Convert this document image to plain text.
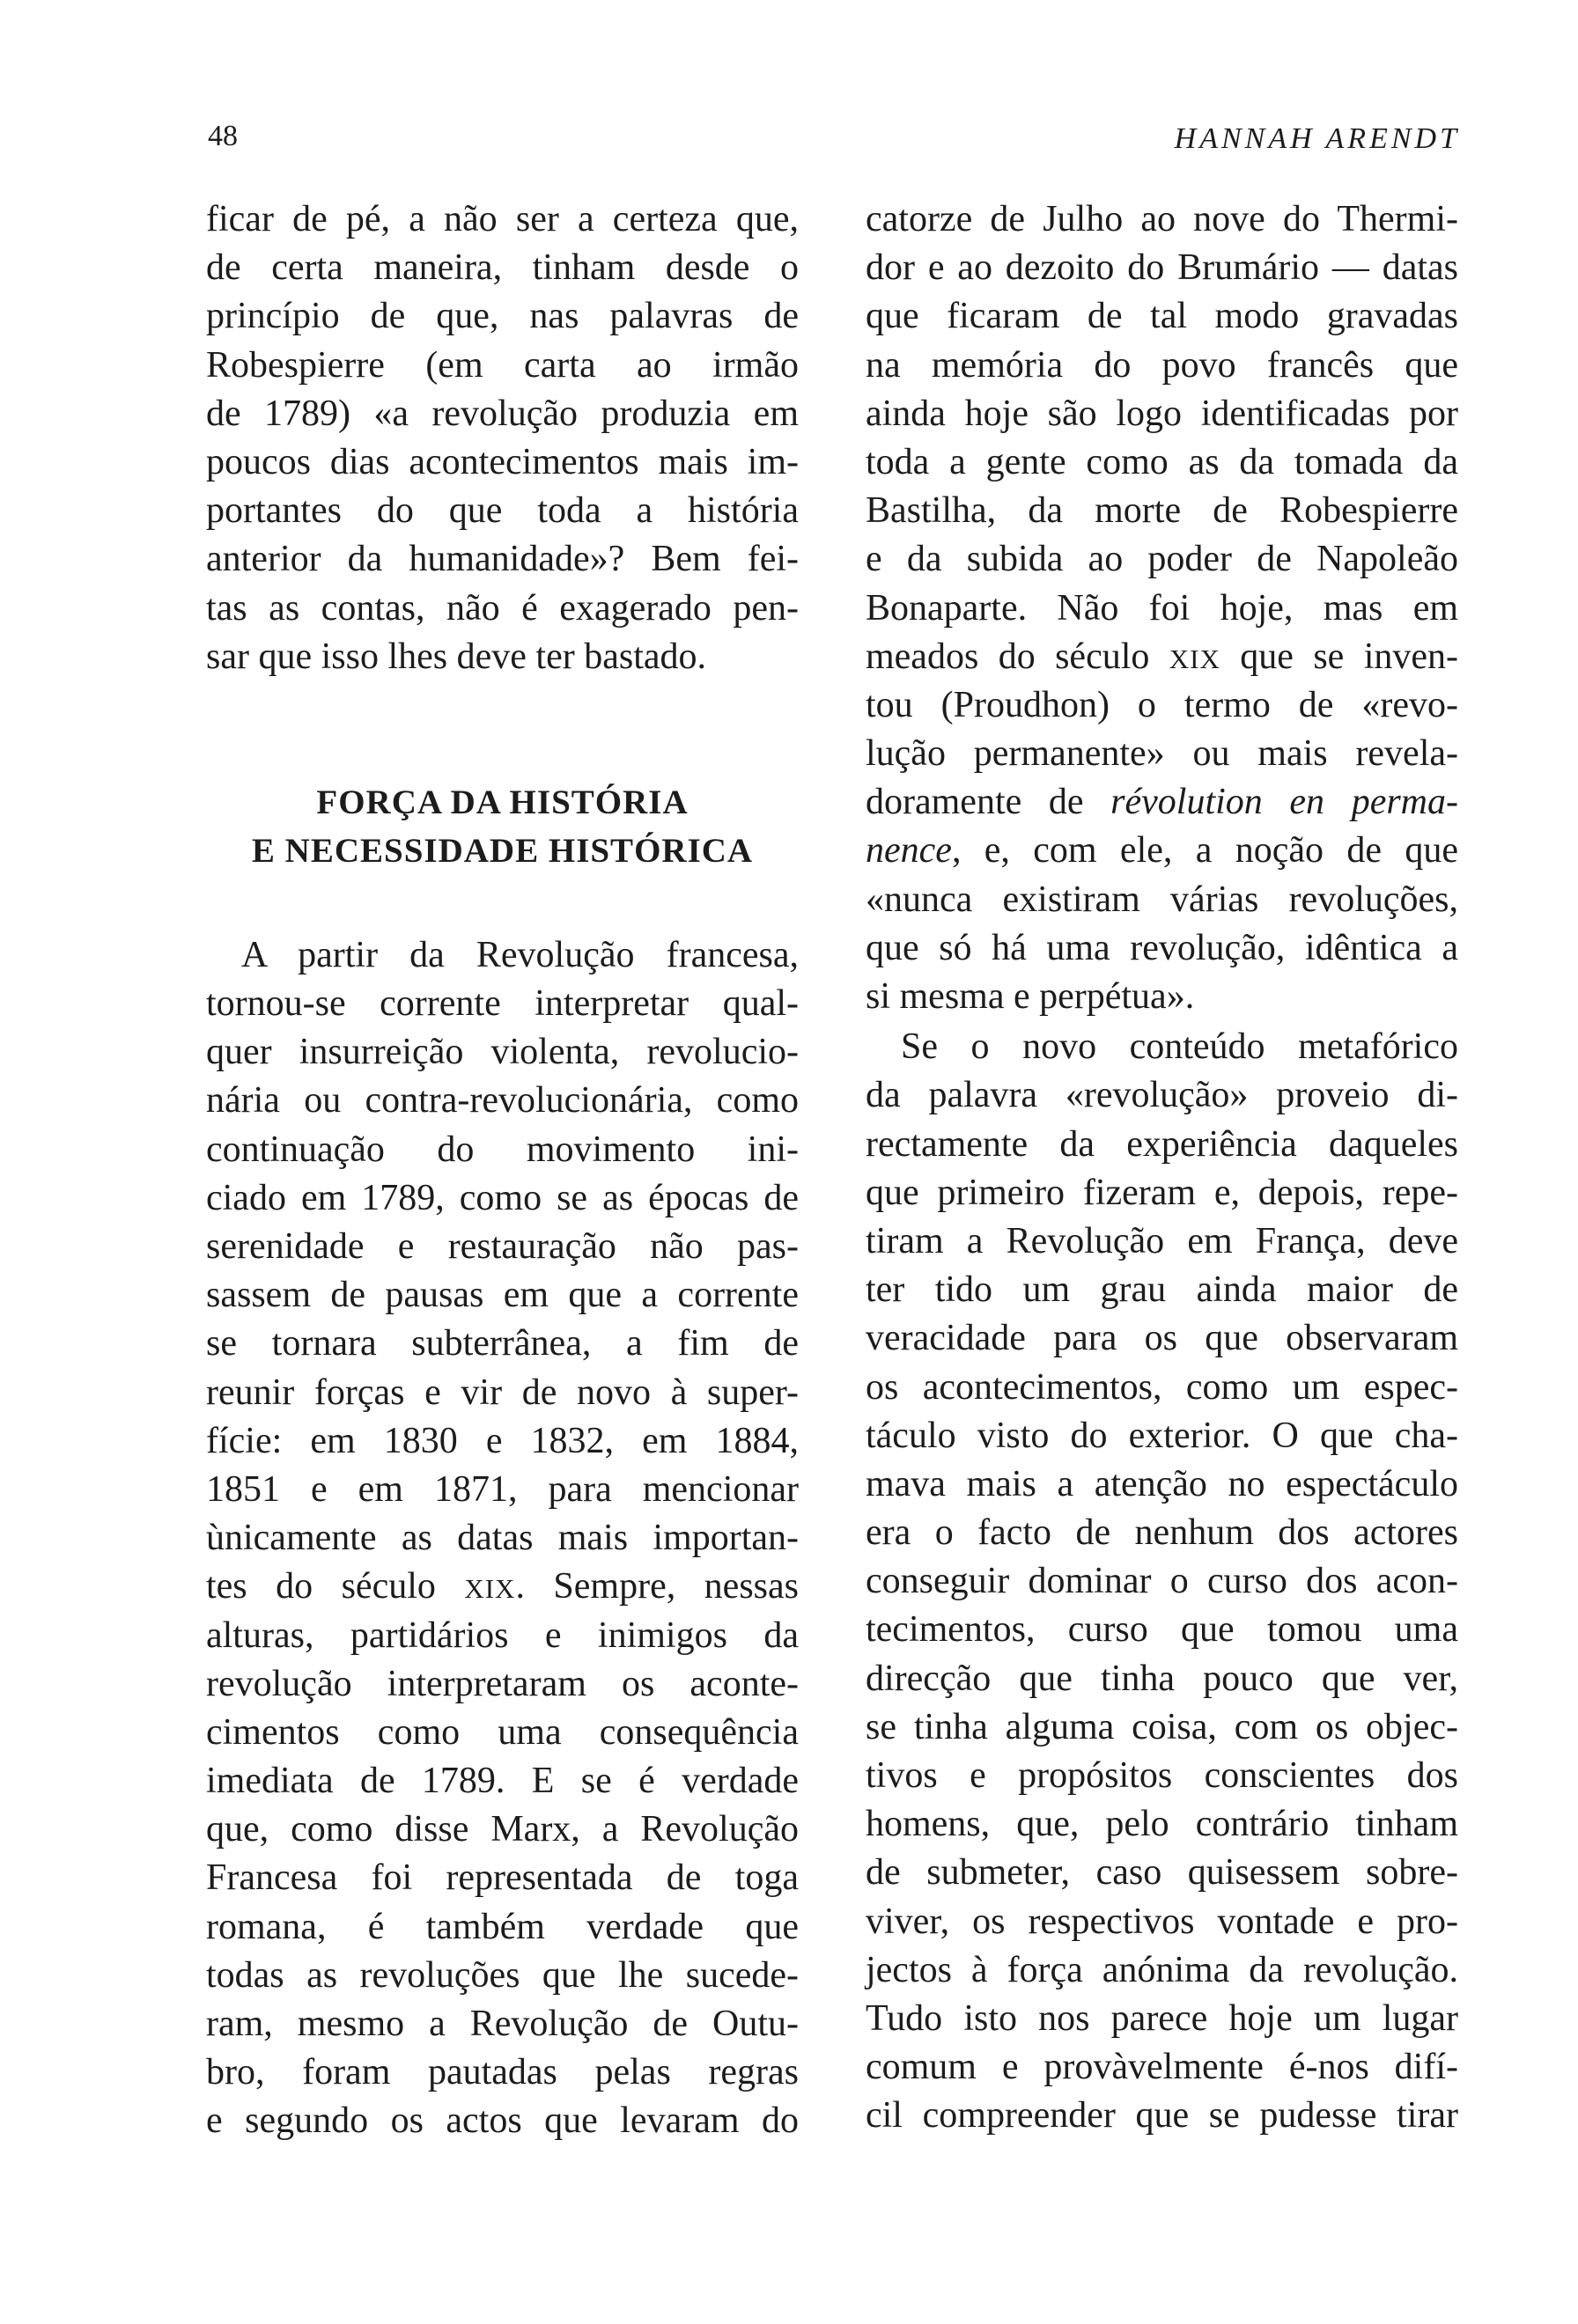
48	HANNAH ARENDT
ficar de pé, a não ser a certeza que,
de certa maneira, tinham desde o
princípio de que, nas palavras de
Robespierre (em carta ao irmão
de 1789) «a revolução produzia em
poucos dias acontecimentos mais im-
portantes do que toda a história
anterior da humanidade»? Bem fei-
tas as contas, não é exagerado pen-
sar que isso lhes deve ter bastado.
FORÇA DA HISTÓRIA
E NECESSIDADE HISTÓRICA
A partir da Revolução francesa,
tornou-se corrente interpretar qual-
quer insurreição violenta, revolucio-
nária ou contra-revolucionária, como
continuação do movimento ini-
ciado em 1789, como se as épocas de
serenidade e restauração não pas-
sassem de pausas em que a corrente
se tornara subterrânea, a fim de
reunir forças e vir de novo à super-
fície: em 1830 e 1832, em 1884,
1851 e em 1871, para mencionar
ùnicamente as datas mais importan-
tes do século XIX. Sempre, nessas
alturas, partidários e inimigos da
revolução interpretaram os aconte-
cimentos como uma consequência
imediata de 1789. E se é verdade
que, como disse Marx, a Revolução
Francesa foi representada de toga
romana, é também verdade que
todas as revoluções que lhe sucede-
ram, mesmo a Revolução de Outu-
bro, foram pautadas pelas regras
e segundo os actos que levaram do
catorze de Julho ao nove do Thermi-
dor e ao dezoito do Brumário — datas
que ficaram de tal modo gravadas
na memória do povo francês que
ainda hoje são logo identificadas por
toda a gente como as da tomada da
Bastilha, da morte de Robespierre
e da subida ao poder de Napoleão
Bonaparte. Não foi hoje, mas em
meados do século XIX que se inven-
tou (Proudhon) o termo de «revo-
lução permanente» ou mais revela-
doramente de révolution en perma-
nence, e, com ele, a noção de que
«nunca existiram várias revoluções,
que só há uma revolução, idêntica a
si mesma e perpétua».
Se o novo conteúdo metafórico
da palavra «revolução» proveio di-
rectamente da experiência daqueles
que primeiro fizeram e, depois, repe-
tiram a Revolução em França, deve
ter tido um grau ainda maior de
veracidade para os que observaram
os acontecimentos, como um espec-
táculo visto do exterior. O que cha-
mava mais a atenção no espectáculo
era o facto de nenhum dos actores
conseguir dominar o curso dos acon-
tecimentos, curso que tomou uma
direcção que tinha pouco que ver,
se tinha alguma coisa, com os objec-
tivos e propósitos conscientes dos
homens, que, pelo contrário tinham
de submeter, caso quisessem sobre-
viver, os respectivos vontade e pro-
jectos à força anónima da revolução.
Tudo isto nos parece hoje um lugar
comum e provàvelmente é-nos difí-
cil compreender que se pudesse tirar
